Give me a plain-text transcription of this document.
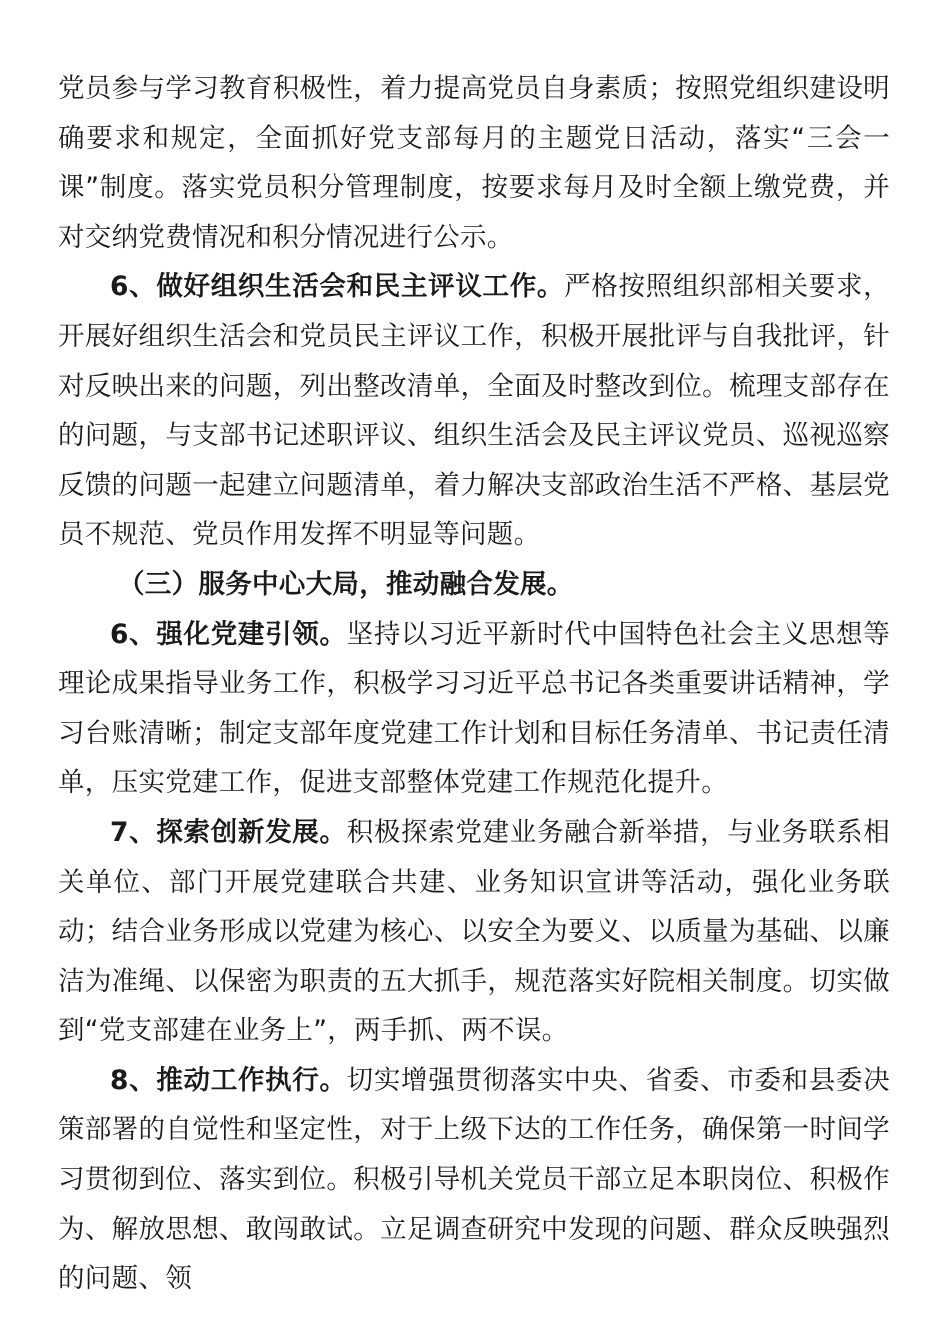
党员参与学习教育积极性，着力提高党员自身素质；按照党组织建设明确要求和规定，全面抓好党支部每月的主题党日活动，落实“三会一课”制度。落实党员积分管理制度，按要求每月及时全额上缴党费，并对交纳党费情况和积分情况进行公示。

6、做好组织生活会和民主评议工作。严格按照组织部相关要求，开展好组织生活会和党员民主评议工作，积极开展批评与自我批评，针对反映出来的问题，列出整改清单，全面及时整改到位。梳理支部存在的问题，与支部书记述职评议、组织生活会及民主评议党员、巡视巡察反馈的问题一起建立问题清单，着力解决支部政治生活不严格、基层党员不规范、党员作用发挥不明显等问题。

（三）服务中心大局，推动融合发展。

6、强化党建引领。坚持以习近平新时代中国特色社会主义思想等理论成果指导业务工作，积极学习习近平总书记各类重要讲话精神，学习台账清晰；制定支部年度党建工作计划和目标任务清单、书记责任清单，压实党建工作，促进支部整体党建工作规范化提升。

7、探索创新发展。积极探索党建业务融合新举措，与业务联系相关单位、部门开展党建联合共建、业务知识宣讲等活动，强化业务联动；结合业务形成以党建为核心、以安全为要义、以质量为基础、以廉洁为准绳、以保密为职责的五大抓手，规范落实好院相关制度。切实做到“党支部建在业务上”，两手抓、两不误。

8、推动工作执行。切实增强贯彻落实中央、省委、市委和县委决策部署的自觉性和坚定性，对于上级下达的工作任务，确保第一时间学习贯彻到位、落实到位。积极引导机关党员干部立足本职岗位、积极作为、解放思想、敢闯敢试。立足调查研究中发现的问题、群众反映强烈的问题、领
